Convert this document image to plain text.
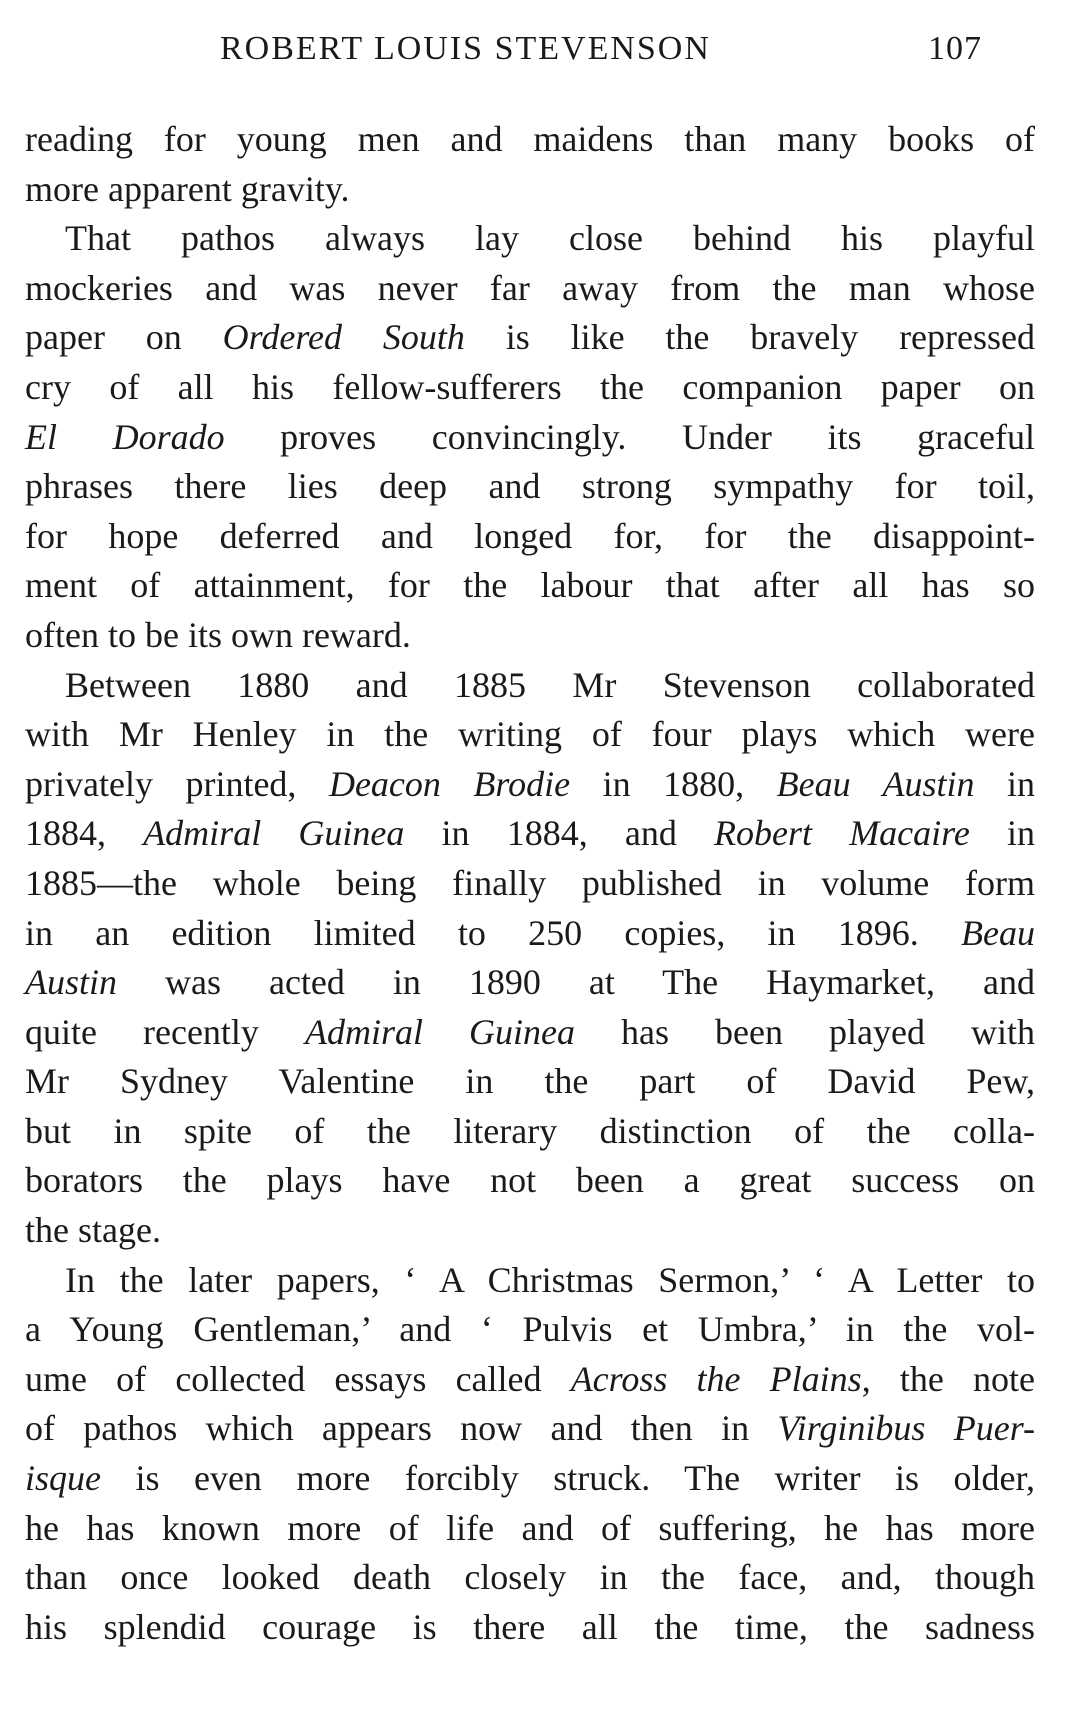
ROBERT LOUIS STEVENSON	107
reading for young men and maidens than many books of
more apparent gravity.
That pathos always lay close behind his playful
mockeries and was never far away from the man whose
paper on Ordered South is like the bravely repressed
cry of all his fellow-sufferers the companion paper on
El Dorado proves convincingly. Under its graceful
phrases there lies deep and strong sympathy for toil,
for hope deferred and longed for, for the disappoint-
ment of attainment, for the labour that after all has so
often to be its own reward.
Between 1880 and 1885 Mr Stevenson collaborated
with Mr Henley in the writing of four plays which were
privately printed, Deacon Brodie in 1880, Beau Austin in
1884, Admiral Guinea in 1884, and Robert Macaire in
1885—the whole being finally published in volume form
in an edition limited to 250 copies, in 1896. Beau
Austin was acted in 1890 at The Haymarket, and
quite recently Admiral Guinea has been played with
Mr Sydney Valentine in the part of David Pew,
but in spite of the literary distinction of the colla-
borators the plays have not been a great success on
the stage.
In the later papers, ‘ A Christmas Sermon,’ ‘ A Letter to
a Young Gentleman,’ and ‘ Pulvis et Umbra,’ in the vol-
ume of collected essays called Across the Plains, the note
of pathos which appears now and then in Virginibus Puer-
isque is even more forcibly struck. The writer is older,
he has known more of life and of suffering, he has more
than once looked death closely in the face, and, though
his splendid courage is there all the time, the sadness
